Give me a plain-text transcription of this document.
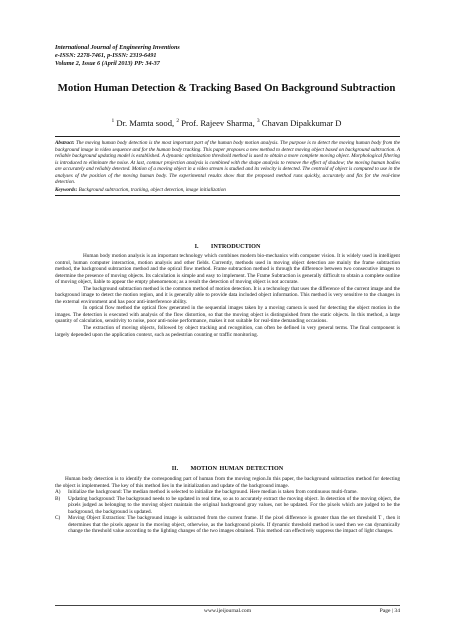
International Journal of Engineering Inventions
e-ISSN: 2278-7461, p-ISSN: 2319-6491
Volume 2, Issue 6 (April 2013) PP: 34-37
Motion Human Detection & Tracking Based On Background Subtraction
$^1$ Dr. Mamta sood, $^2$ Prof. Rajeev Sharma, $^3$ Chavan Dipakkumar D
Abstract: The moving human body detection is the most important part of the human body motion analysis. The purpose is to detect the moving human body from the background image in video sequence and for the human body tracking. This paper proposes a new method to detect moving object based on background subtraction. A reliable background updating model is established. A dynamic optimization threshold method is used to obtain a more complete moving object. Morphological filtering is introduced to eliminate the noise. At last, contour projection analysis is combined with the shape analysis to remove the effect of shadow; the moving human bodies are accurately and reliably detected. Motion of a moving object in a video stream is studied and its velocity is detected. The centroid of object is computed to use in the analyses of the position of the moving human body. The experimental results show that the proposed method runs quickly, accurately and fits for the real-time detection.
Keywords: Background subtraction, tracking, object detection, image initialization
I.  INTRODUCTION

Human body motion analysis is an important technology which combines modern bio-mechanics with computer vision. It is widely used in intelligent control, human computer interaction, motion analysis and other fields. Currently, methods used in moving object detection are mainly the frame subtraction method, the background subtraction method and the optical flow method. Frame subtraction method is through the difference between two consecutive images to determine the presence of moving objects. Its calculation is simple and easy to implement. The Frame Subtraction is generally difficult to obtain a complete outline of moving object, liable to appear the empty phenomenon; as a result the detection of moving object is not accurate.

The background subtraction method is the common method of motion detection. It is a technology that uses the difference of the current image and the background image to detect the motion region, and it is generally able to provide data included object information. This method is very sensitive to the changes in the external environment and has poor anti-interference ability.

In optical flow method the optical flow generated in the sequential images taken by a moving camera is used for detecting the object motion in the images. The detection is executed with analysis of the flow distortion, so that the moving object is distinguished from the static objects. In this method, a large quantity of calculation, sensitivity to noise, poor anti-noise performance, makes it not suitable for real-time demanding occasions.

The extraction of moving objects, followed by object tracking and recognition, can often be defined in very general terms. The final component is largely depended upon the application context, such as pedestrian counting or traffic monitoring.

II.  MOTION HUMAN DETECTION

Human body detection is to identify the corresponding part of human from the moving region.In this paper, the background subtraction method for detecting the object is implemented. The key of this method lies in the initialization and update of the background image.

A) Initialize the background: The median method is selected to initialize the background. Here median is taken from continuous multi-frame.
B) Updating background: The background needs to be updated in real time, so as to accurately extract the moving object. In detection of the moving object, the pixels judged as belonging to the moving object maintain the original background gray values, not be updated. For the pixels which are judged to be the background, the background is updated.
C) Moving Object Extraction: The background image is subtracted from the current frame. If the pixel difference is greater than the set threshold T , then it determines that the pixels appear in the moving object, otherwise, as the background pixels. If dynamic threshold method is used then we can dynamically change the threshold value according to the lighting changes of the two images obtained. This method can effectively suppress the impact of light changes.
www.ijeijournal.com	Page | 34
